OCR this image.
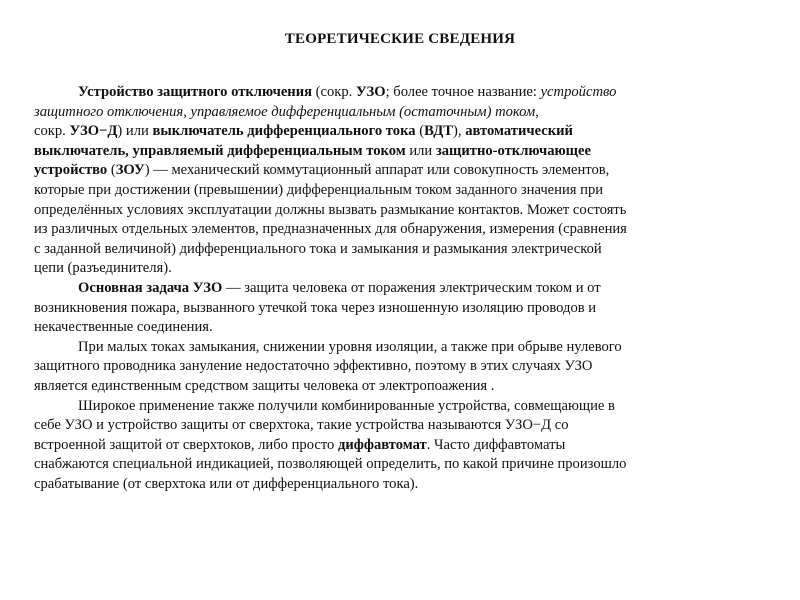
ТЕОРЕТИЧЕСКИЕ СВЕДЕНИЯ
Устройство защитного отключения (сокр. УЗО; более точное название: устройство
защитного отключения, управляемое дифференциальным (остаточным) током,
сокр. УЗО−Д) или выключатель дифференциального тока (ВДТ), автоматический
выключатель, управляемый дифференциальным током или защитно-отключающее
устройство (ЗОУ) — механический коммутационный аппарат или совокупность элементов,
которые при достижении (превышении) дифференциальным током заданного значения при
определённых условиях эксплуатации должны вызвать размыкание контактов. Может состоять
из различных отдельных элементов, предназначенных для обнаружения, измерения (сравнения
с заданной величиной) дифференциального тока и замыкания и размыкания электрической
цепи (разъединителя).
Основная задача УЗО — защита человека от поражения электрическим током и от
возникновения пожара, вызванного утечкой тока через изношенную изоляцию проводов и
некачественные соединения.
При малых токах замыкания, снижении уровня изоляции, а также при обрыве нулевого
защитного проводника зануление недостаточно эффективно, поэтому в этих случаях УЗО
является единственным средством защиты человека от электропоажения .
Широкое применение также получили комбинированные устройства, совмещающие в
себе УЗО и устройство защиты от сверхтока, такие устройства называются УЗО−Д со
встроенной защитой от сверхтоков, либо просто диффавтомат. Часто диффавтоматы
снабжаются специальной индикацией, позволяющей определить, по какой причине произошло
срабатывание (от сверхтока или от дифференциального тока).
